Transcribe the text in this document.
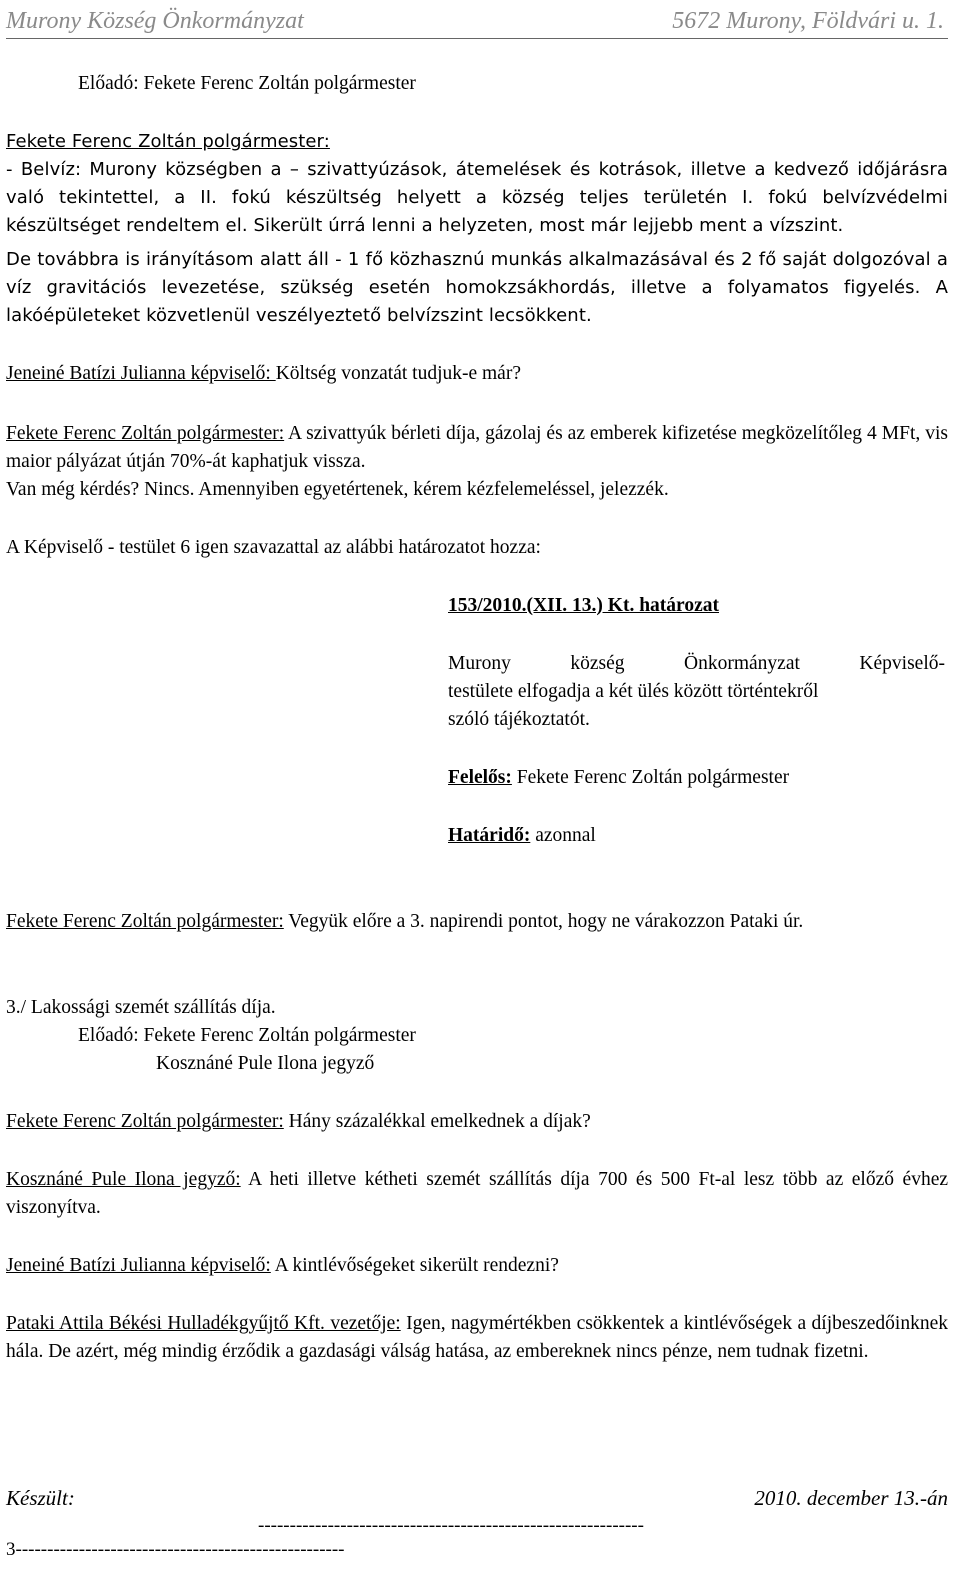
Murony Község Önkormányzat	5672 Murony, Földvári u. 1.
Előadó: Fekete Ferenc Zoltán polgármester
Fekete Ferenc Zoltán polgármester:
- Belvíz: Murony községben a – szivattyúzások, átemelések és kotrások, illetve a kedvező időjárásra való tekintettel, a II. fokú készültség helyett a község teljes területén I. fokú belvízvédelmi készültséget rendeltem el. Sikerült úrrá lenni a helyzeten, most már lejjebb ment a vízszint.
De továbbra is irányításom alatt áll - 1 fő közhasznú munkás alkalmazásával és 2 fő saját dolgozóval a víz gravitációs levezetése, szükség esetén homokzsákhordás, illetve a folyamatos figyelés. A lakóépületeket közvetlenül veszélyeztető belvízszint lecsökkent.
Jeneiné Batízi Julianna képviselő: Költség vonzatát tudjuk-e már?
Fekete Ferenc Zoltán polgármester: A szivattyúk bérleti díja, gázolaj és az emberek kifizetése megközelítőleg 4 MFt, vis maior pályázat útján 70%-át kaphatjuk vissza.
Van még kérdés? Nincs. Amennyiben egyetértenek, kérem kézfelemeléssel, jelezzék.
A Képviselő - testület 6 igen szavazattal az alábbi határozatot hozza:
153/2010.(XII. 13.) Kt. határozat
Murony község Önkormányzat Képviselő-
testülete elfogadja a két ülés között történtekről
szóló tájékoztatót.
Felelős: Fekete Ferenc Zoltán polgármester
Határidő: azonnal
Fekete Ferenc Zoltán polgármester: Vegyük előre a 3. napirendi pontot, hogy ne várakozzon Pataki úr.
3./ Lakossági szemét szállítás díja.
Előadó: Fekete Ferenc Zoltán polgármester
Kosznáné Pule Ilona jegyző
Fekete Ferenc Zoltán polgármester: Hány százalékkal emelkednek a díjak?
Kosznáné Pule Ilona jegyző: A heti illetve kétheti szemét szállítás díja 700 és 500 Ft-al lesz több az előző évhez viszonyítva.
Jeneiné Batízi Julianna képviselő: A kintlévőségeket sikerült rendezni?
Pataki Attila Békési Hulladékgyűjtő Kft. vezetője: Igen, nagymértékben csökkentek a kintlévőségek a díjbeszedőinknek hála. De azért, még mindig érződik a gazdasági válság hatása, az embereknek nincs pénze, nem tudnak fizetni.
Készült:	2010. december 13.-án
-------------------------------------------------------------
3----------------------------------------------------
